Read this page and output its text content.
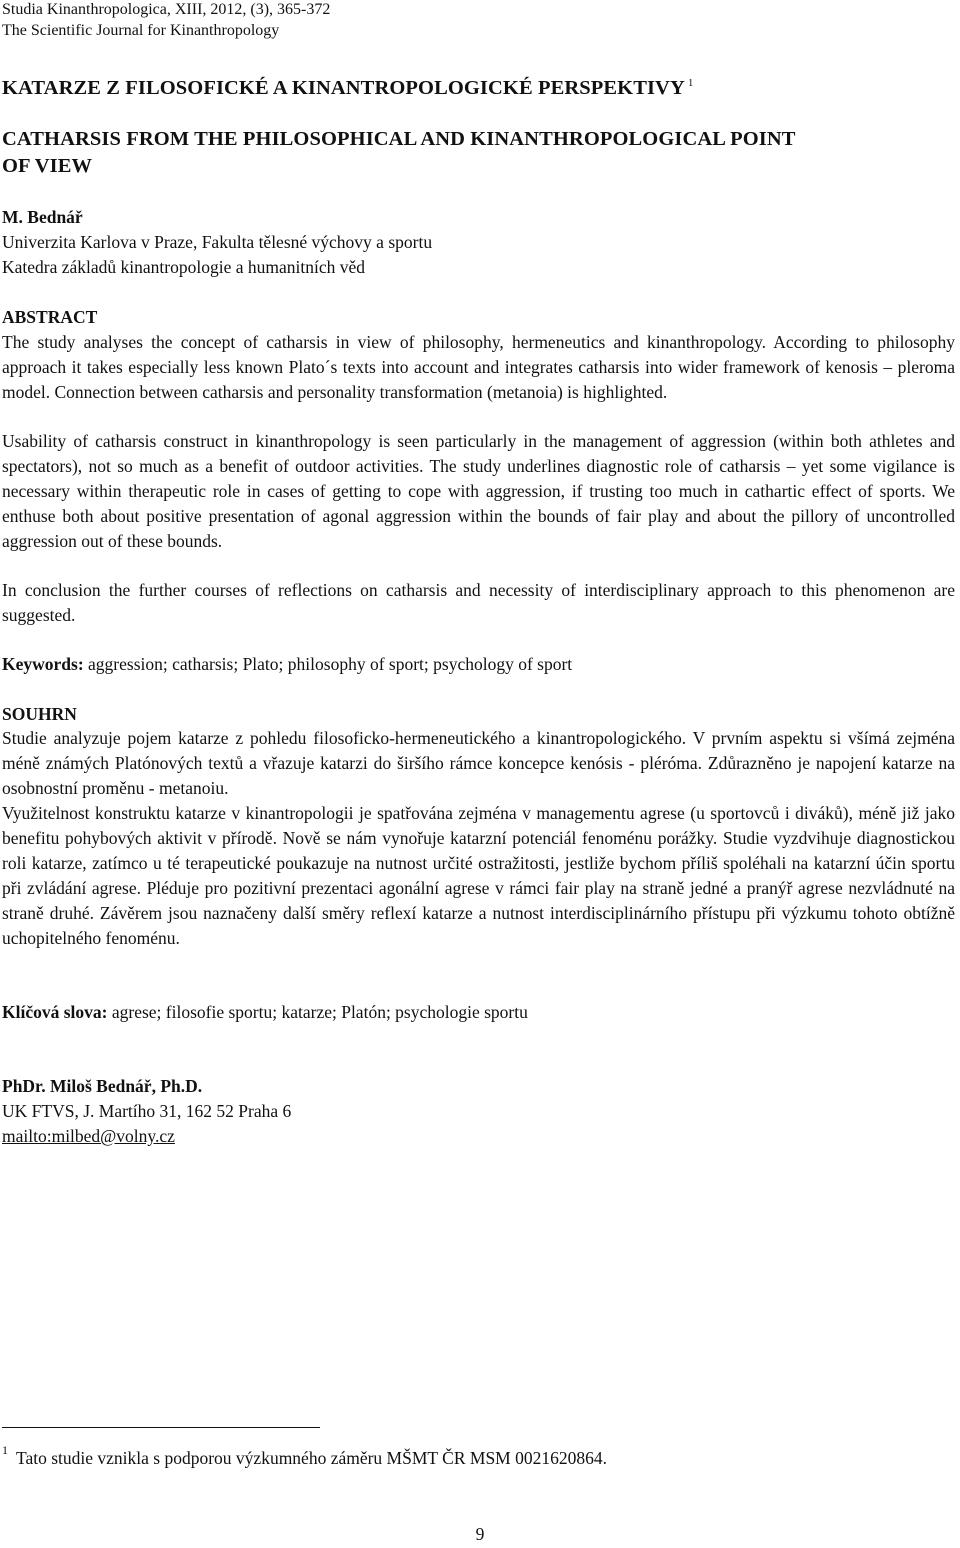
Studia Kinanthropologica, XIII, 2012, (3), 365-372
The Scientific Journal for Kinanthropology
KATARZE Z FILOSOFICKÉ A KINANTROPOLOGICKÉ PERSPEKTIVY $^1$
CATHARSIS FROM THE PHILOSOPHICAL AND KINANTHROPOLOGICAL POINT
OF VIEW
M. Bednář
Univerzita Karlova v Praze, Fakulta tělesné výchovy a sportu
Katedra základů kinantropologie a humanitních věd
ABSTRACT
The study analyses the concept of catharsis in view of philosophy, hermeneutics and kinanthropology. According to philosophy approach it takes especially less known Plato´s texts into account and integrates catharsis into wider framework of kenosis – pleroma model. Connection between catharsis and personality transformation (metanoia) is highlighted.
Usability of catharsis construct in kinanthropology is seen particularly in the management of aggression (within both athletes and spectators), not so much as a benefit of outdoor activities. The study underlines diagnostic role of catharsis – yet some vigilance is necessary within therapeutic role in cases of getting to cope with aggression, if trusting too much in cathartic effect of sports. We enthuse both about positive presentation of agonal aggression within the bounds of fair play and about the pillory of uncontrolled aggression out of these bounds.
In conclusion the further courses of reflections on catharsis and necessity of interdisciplinary approach to this phenomenon are suggested.
Keywords: aggression; catharsis; Plato; philosophy of sport; psychology of sport
SOUHRN
Studie analyzuje pojem katarze z pohledu filosoficko-hermeneutického a kinantropologického. V prvním aspektu si všímá zejména méně známých Platónových textů a vřazuje katarzi do širšího rámce koncepce kenósis - pléróma. Zdůrazněno je napojení katarze na osobnostní proměnu - metanoiu.
Využitelnost konstruktu katarze v kinantropologii je spatřována zejména v managementu agrese (u sportovců i diváků), méně již jako benefitu pohybových aktivit v přírodě. Nově se nám vynořuje katarzní potenciál fenoménu porážky. Studie vyzdvihuje diagnostickou roli katarze, zatímco u té terapeutické poukazuje na nutnost určité ostražitosti, jestliže bychom příliš spoléhali na katarzní účin sportu při zvládání agrese. Pléduje pro pozitivní prezentaci agonální agrese v rámci fair play na straně jedné a pranýř agrese nezvládnuté na straně druhé. Závěrem jsou naznačeny další směry reflexí katarze a nutnost interdisciplinárního přístupu při výzkumu tohoto obtížně uchopitelného fenoménu.
Klíčová slova: agrese; filosofie sportu; katarze; Platón; psychologie sportu
PhDr. Miloš Bednář, Ph.D.
UK FTVS, J. Martího 31, 162 52 Praha 6
mailto:milbed@volny.cz
$^1$ Tato studie vznikla s podporou výzkumného záměru MŠMT ČR MSM 0021620864.
9
